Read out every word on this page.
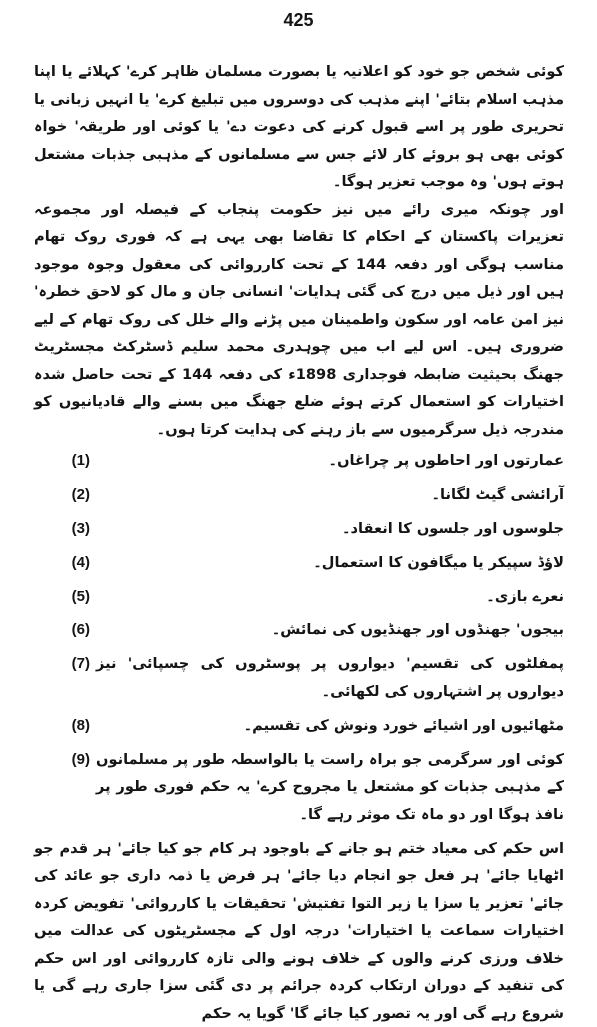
425

کوئی شخص جو خود کو اعلانیہ یا بصورت مسلمان ظاہر کرے' کہلائے یا اپنا مذہب اسلام بتائے' اپنے مذہب کی دوسروں میں تبلیغ کرے' یا انہیں زبانی یا تحریری طور پر اسے قبول کرنے کی دعوت دے' یا کوئی اور طریقہ' خواہ کوئی بھی ہو بروئے کار لائے جس سے مسلمانوں کے مذہبی جذبات مشتعل ہوتے ہوں' وہ موجب تعزیر ہوگا۔

اور چونکہ میری رائے میں نیز حکومت پنجاب کے فیصلہ اور مجموعہ تعزیرات پاکستان کے احکام کا تقاضا بھی یہی ہے کہ فوری روک تھام مناسب ہوگی اور دفعہ 144 کے تحت کارروائی کی معقول وجوہ موجود ہیں اور ذیل میں درج کی گئی ہدایات' انسانی جان و مال کو لاحق خطرہ' نیز امن عامہ اور سکون واطمینان میں پڑنے والے خلل کی روک تھام کے لیے ضروری ہیں۔ اس لیے اب میں چوہدری محمد سلیم ڈسٹرکٹ مجسٹریٹ جھنگ بحیثیت ضابطہ فوجداری 1898ء کی دفعہ 144 کے تحت حاصل شدہ اختیارات کو استعمال کرتے ہوئے ضلع جھنگ میں بسنے والے قادیانیوں کو مندرجہ ذیل سرگرمیوں سے باز رہنے کی ہدایت کرتا ہوں۔

عمارتوں اور احاطوں پر چراغاں۔
(1)
آرائشی گیٹ لگانا۔
(2)
جلوسوں اور جلسوں کا انعقاد۔
(3)
لاؤڈ سپیکر یا میگافون کا استعمال۔
(4)
نعرے بازی۔
(5)
بیجوں' جھنڈوں اور جھنڈیوں کی نمائش۔
(6)
پمفلٹوں کی تقسیم' دیواروں پر پوسٹروں کی چسپائی' نیز دیواروں پر اشتہاروں کی لکھائی۔
(7)
مٹھائیوں اور اشیائے خورد ونوش کی تقسیم۔
(8)
کوئی اور سرگرمی جو براہ راست یا بالواسطہ طور پر مسلمانوں کے مذہبی جذبات کو مشتعل یا مجروح کرے' یہ حکم فوری طور پر نافذ ہوگا اور دو ماہ تک موثر رہے گا۔
(9)

اس حکم کی معیاد ختم ہو جانے کے باوجود ہر کام جو کیا جائے' ہر قدم جو اٹھایا جائے' ہر فعل جو انجام دیا جائے' ہر فرض یا ذمہ داری جو عائد کی جائے' تعزیر یا سزا یا زیر التوا تفتیش' تحقیقات یا کارروائی' تفویض کردہ اختیارات سماعت یا اختیارات' درجہ اول کے مجسٹریٹوں کی عدالت میں خلاف ورزی کرنے والوں کے خلاف ہونے والی تازہ کارروائی اور اس حکم کی تنفید کے دوران ارتکاب کردہ جرائم پر دی گئی سزا جاری رہے گی یا شروع رہے گی اور یہ تصور کیا جائے گا' گویا یہ حکم
